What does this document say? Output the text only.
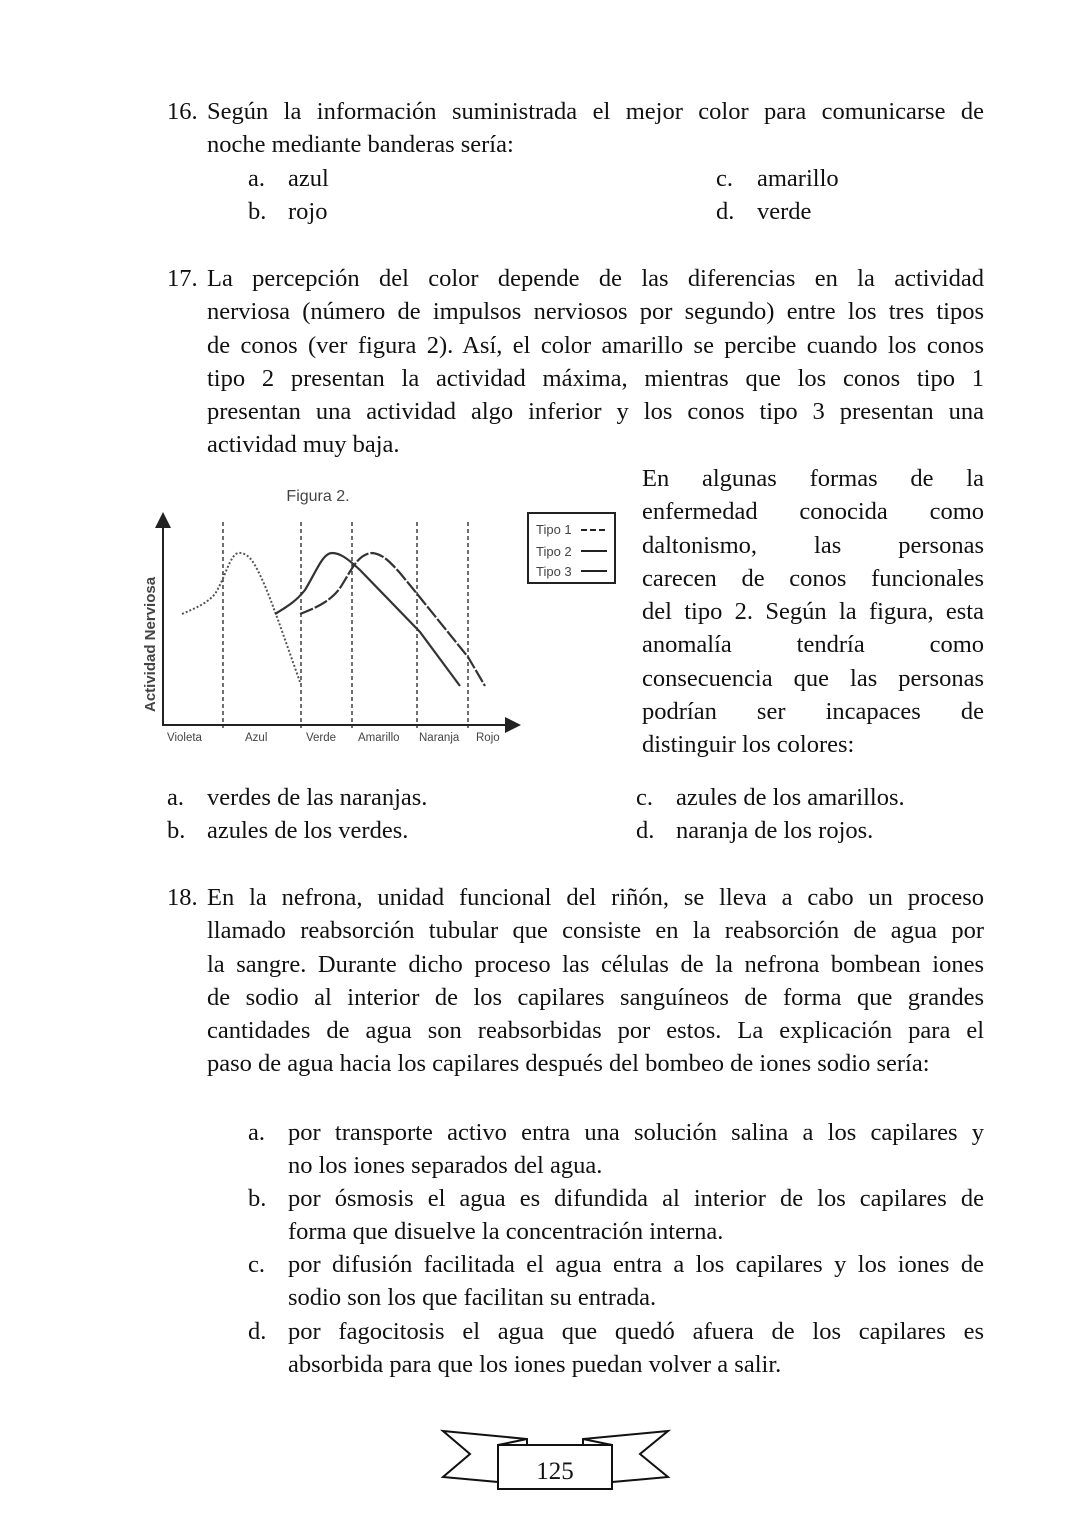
16. Según la información suministrada el mejor color para comunicarse de
noche mediante banderas sería:
a. azul
b. rojo
c. amarillo
d. verde
17. La percepción del color depende de las diferencias en la actividad
nerviosa (número de impulsos nerviosos por segundo) entre los tres tipos
de conos (ver figura 2). Así, el color amarillo se percibe cuando los conos
tipo 2 presentan la actividad máxima, mientras que los conos tipo 1
presentan una actividad algo inferior y los conos tipo 3 presentan una
actividad muy baja.
En algunas formas de la
enfermedad conocida como
daltonismo, las personas
carecen de conos funcionales
del tipo 2. Según la figura, esta
anomalía tendría como
consecuencia que las personas
podrían ser incapaces de
distinguir los colores:
Figura 2.
Actividad Nerviosa
Violeta	Azul	Verde Amarillo Naranja Rojo
Tipo 1
Tipo 2
Tipo 3
a. verdes de las naranjas.
b. azules de los verdes.
c. azules de los amarillos.
d. naranja de los rojos.
18. En la nefrona, unidad funcional del riñón, se lleva a cabo un proceso
llamado reabsorción tubular que consiste en la reabsorción de agua por
la sangre. Durante dicho proceso las células de la nefrona bombean iones
de sodio al interior de los capilares sanguíneos de forma que grandes
cantidades de agua son reabsorbidas por estos. La explicación para el
paso de agua hacia los capilares después del bombeo de iones sodio sería:
a. por transporte activo entra una solución salina a los capilares y
no los iones separados del agua.
b. por ósmosis el agua es difundida al interior de los capilares de
forma que disuelve la concentración interna.
c. por difusión facilitada el agua entra a los capilares y los iones de
sodio son los que facilitan su entrada.
d. por fagocitosis el agua que quedó afuera de los capilares es
absorbida para que los iones puedan volver a salir.
125
